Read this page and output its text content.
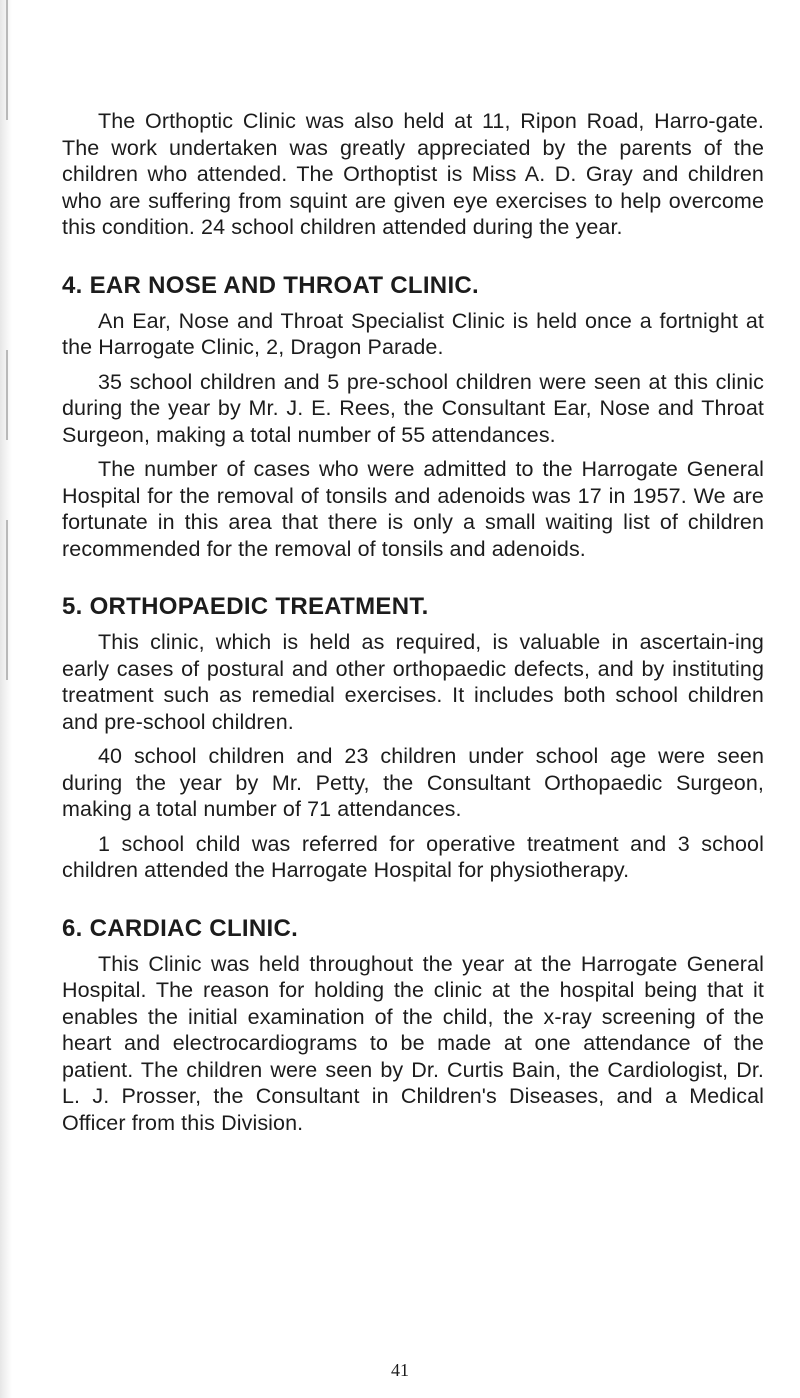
The Orthoptic Clinic was also held at 11, Ripon Road, Harro-gate. The work undertaken was greatly appreciated by the parents of the children who attended. The Orthoptist is Miss A. D. Gray and children who are suffering from squint are given eye exercises to help overcome this condition. 24 school children attended during the year.

4. EAR NOSE AND THROAT CLINIC.

An Ear, Nose and Throat Specialist Clinic is held once a fortnight at the Harrogate Clinic, 2, Dragon Parade.

35 school children and 5 pre-school children were seen at this clinic during the year by Mr. J. E. Rees, the Consultant Ear, Nose and Throat Surgeon, making a total number of 55 attendances.

The number of cases who were admitted to the Harrogate General Hospital for the removal of tonsils and adenoids was 17 in 1957. We are fortunate in this area that there is only a small waiting list of children recommended for the removal of tonsils and adenoids.

5. ORTHOPAEDIC TREATMENT.

This clinic, which is held as required, is valuable in ascertain-ing early cases of postural and other orthopaedic defects, and by instituting treatment such as remedial exercises. It includes both school children and pre-school children.

40 school children and 23 children under school age were seen during the year by Mr. Petty, the Consultant Orthopaedic Surgeon, making a total number of 71 attendances.

1 school child was referred for operative treatment and 3 school children attended the Harrogate Hospital for physiotherapy.

6. CARDIAC CLINIC.

This Clinic was held throughout the year at the Harrogate General Hospital. The reason for holding the clinic at the hospital being that it enables the initial examination of the child, the x-ray screening of the heart and electrocardiograms to be made at one attendance of the patient. The children were seen by Dr. Curtis Bain, the Cardiologist, Dr. L. J. Prosser, the Consultant in Children's Diseases, and a Medical Officer from this Division.

41
